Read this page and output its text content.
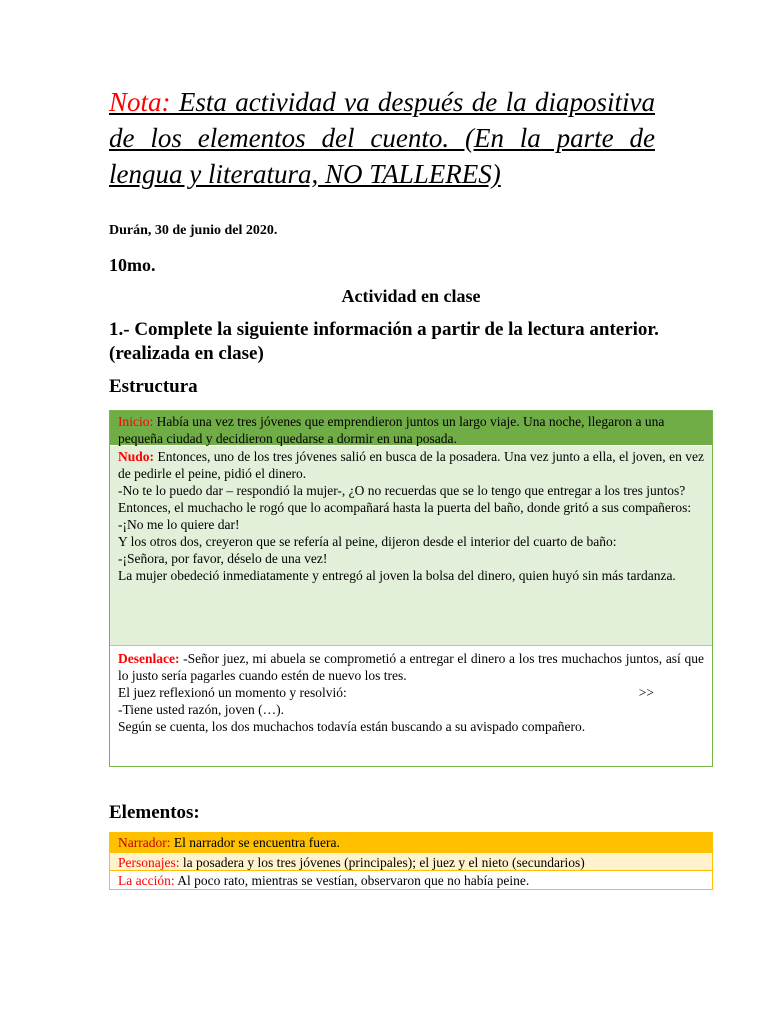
Nota: Esta actividad va después de la diapositiva de los elementos del cuento. (En la parte de lengua y literatura, NO TALLERES)
Durán, 30 de junio del 2020.
10mo.
Actividad en clase
1.- Complete la siguiente información a partir de la lectura anterior. (realizada en clase)
Estructura
Inicio: Había una vez tres jóvenes que emprendieron juntos un largo viaje. Una noche, llegaron a una pequeña ciudad y decidieron quedarse a dormir en una posada.
Nudo: Entonces, uno de los tres jóvenes salió en busca de la posadera. Una vez junto a ella, el joven, en vez de pedirle el peine, pidió el dinero.
-No te lo puedo dar – respondió la mujer-, ¿O no recuerdas que se lo tengo que entregar a los tres juntos?
Entonces, el muchacho le rogó que lo acompañará hasta la puerta del baño, donde gritó a sus compañeros:
-¡No me lo quiere dar!
Y los otros dos, creyeron que se refería al peine, dijeron desde el interior del cuarto de baño:
-¡Señora, por favor, déselo de una vez!
La mujer obedeció inmediatamente y entregó al joven la bolsa del dinero, quien huyó sin más tardanza.
Desenlace: -Señor juez, mi abuela se comprometió a entregar el dinero a los tres muchachos juntos, así que lo justo sería pagarles cuando estén de nuevo los tres.
El juez reflexionó un momento y resolvió:	>>
-Tiene usted razón, joven (…).
Según se cuenta, los dos muchachos todavía están buscando a su avispado compañero.
Elementos:
Narrador: El narrador se encuentra fuera.
Personajes: la posadera y los tres jóvenes (principales); el juez y el nieto (secundarios)
La acción: Al poco rato, mientras se vestían, observaron que no había peine.
